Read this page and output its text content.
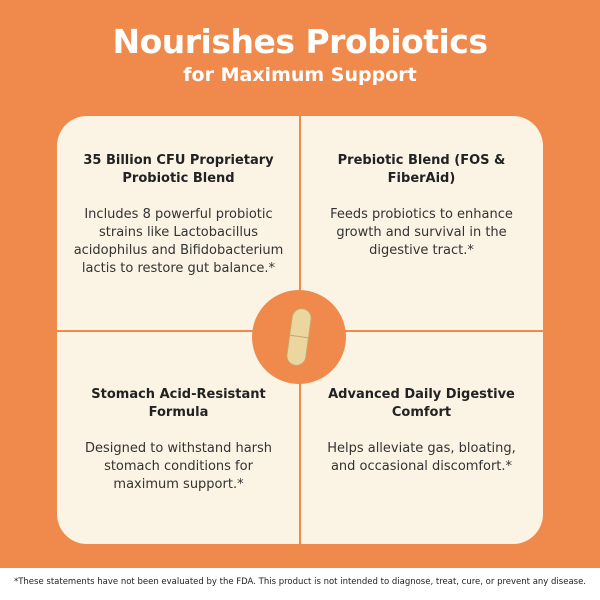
Nourishes Probiotics
for Maximum Support
35 Billion CFU Proprietary Probiotic Blend

Includes 8 powerful probiotic strains like Lactobacillus acidophilus and Bifidobacterium lactis to restore gut balance.*

Prebiotic Blend (FOS & FiberAid)

Feeds probiotics to enhance growth and survival in the digestive tract.*

Stomach Acid-Resistant Formula

Designed to withstand harsh stomach conditions for maximum support.*

Advanced Daily Digestive Comfort

Helps alleviate gas, bloating, and occasional discomfort.*

*These statements have not been evaluated by the FDA. This product is not intended to diagnose, treat, cure, or prevent any disease.
